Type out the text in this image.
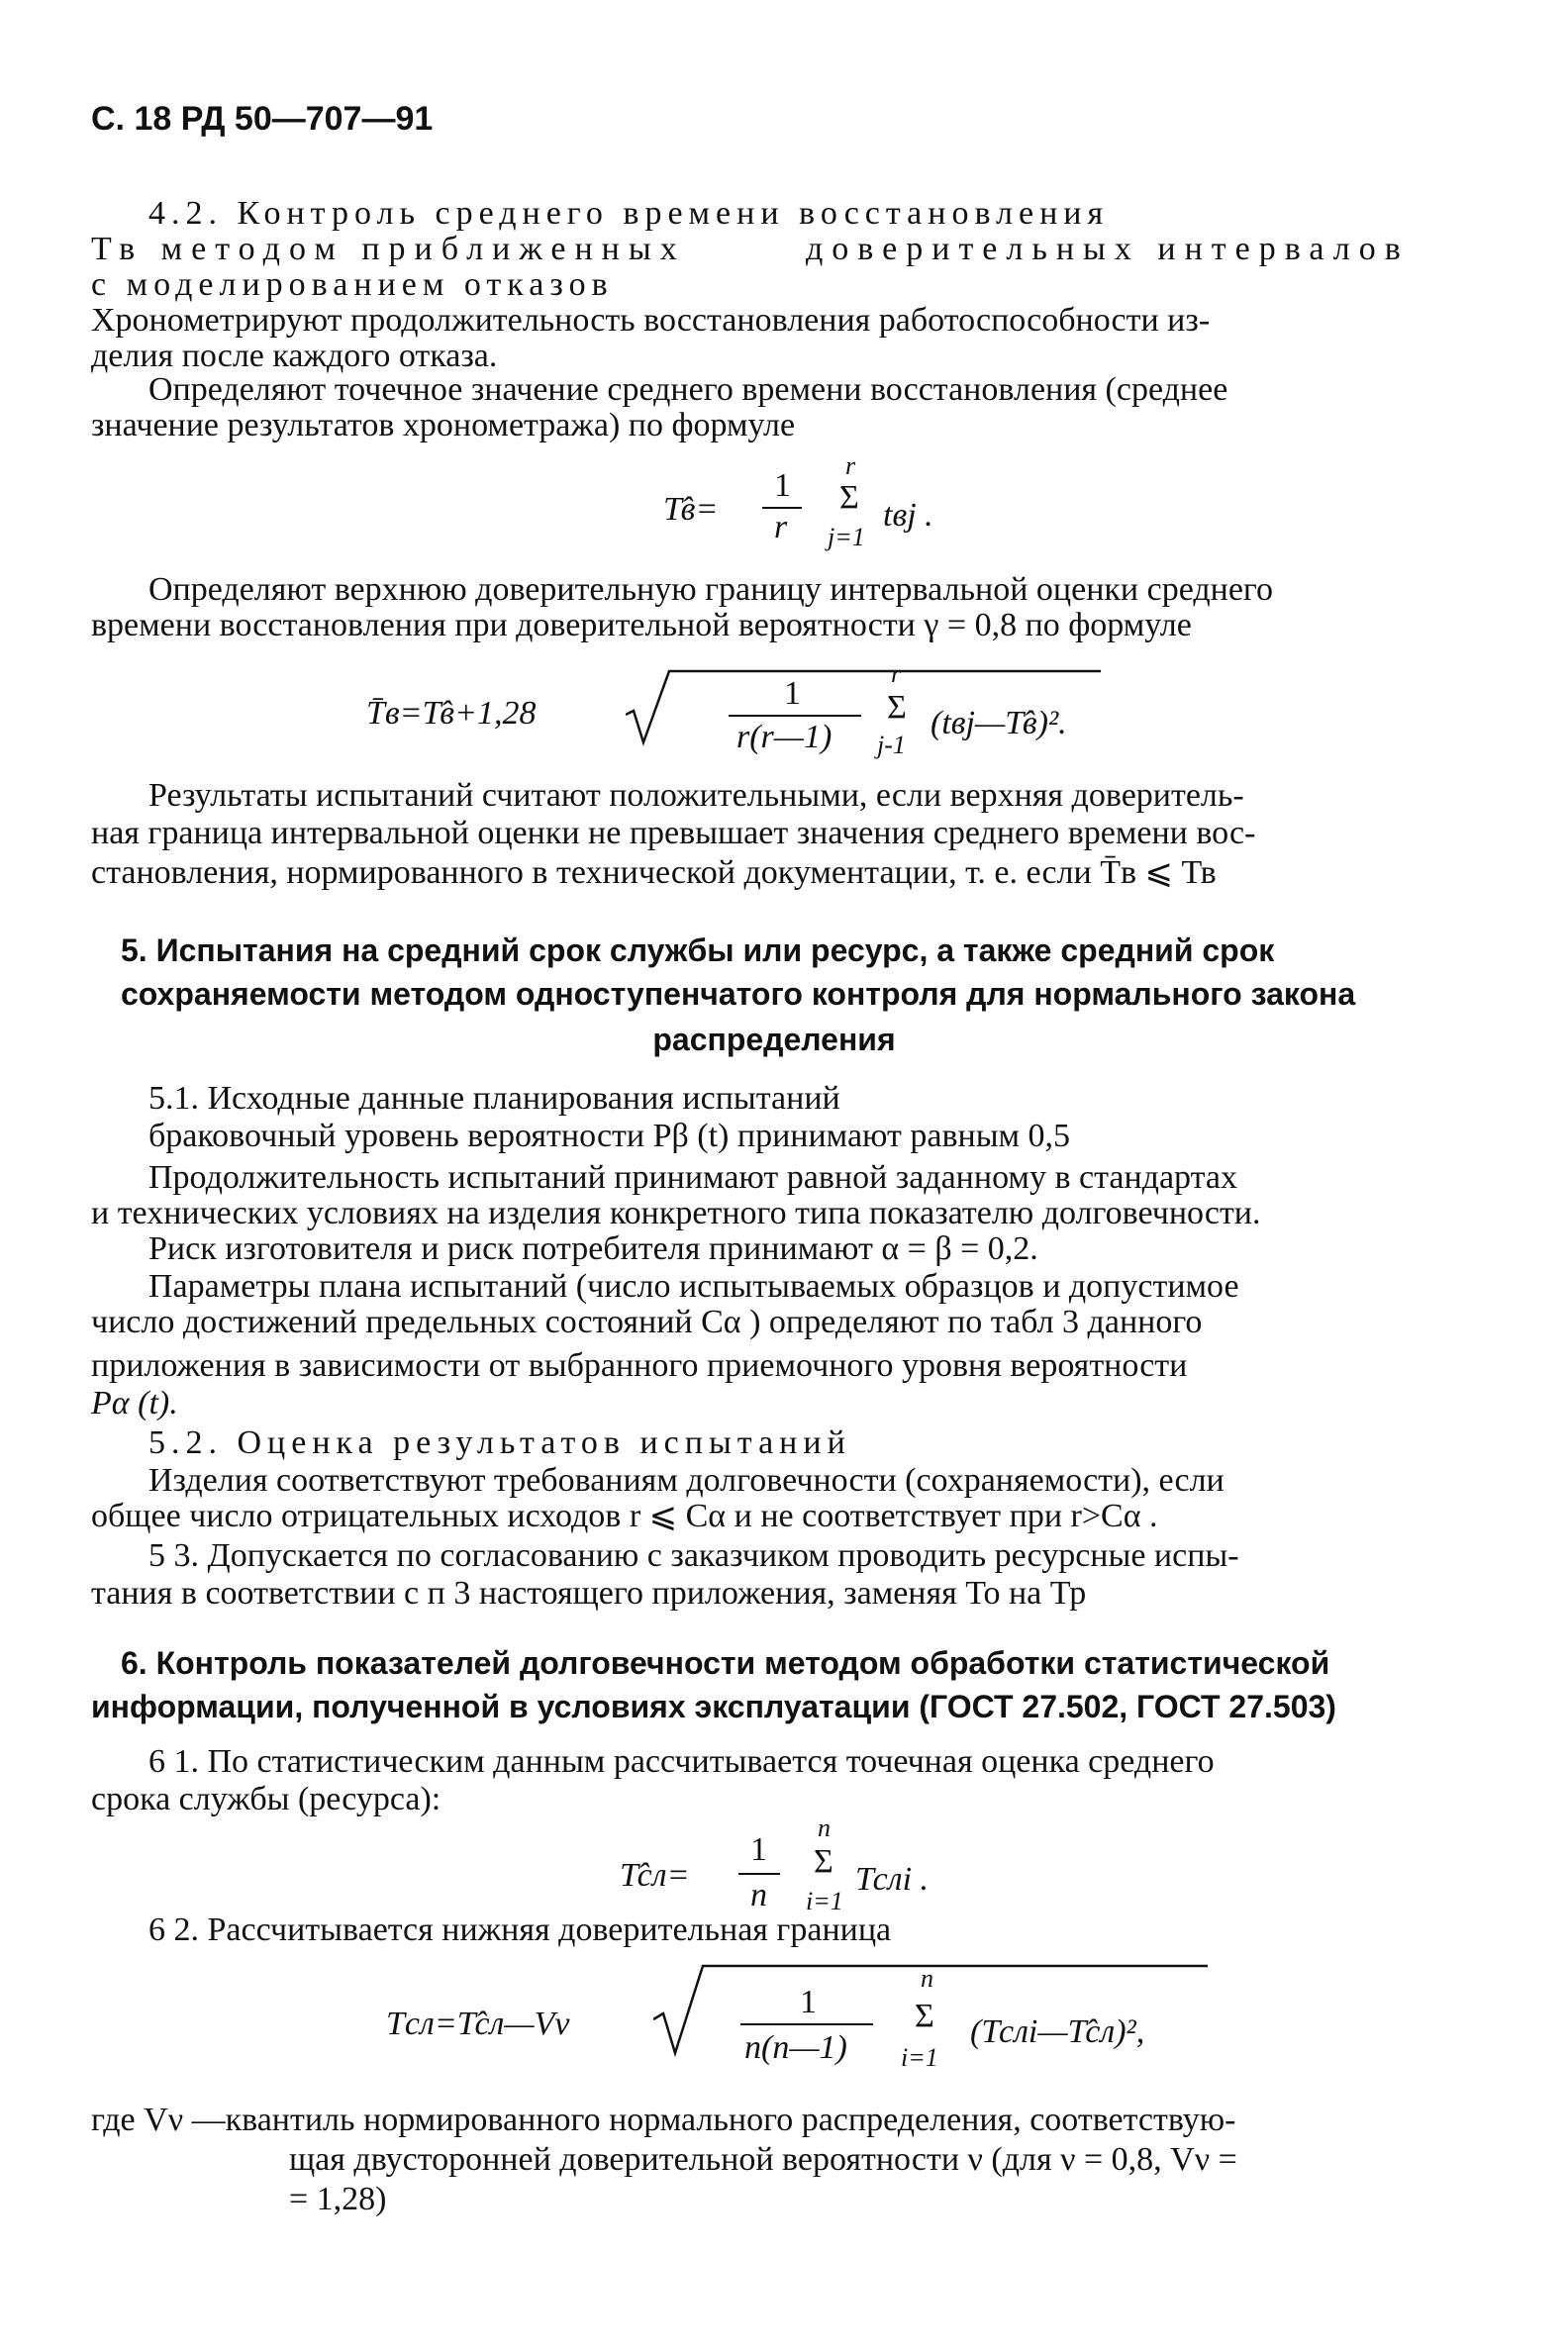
С. 18 РД 50—707—91
4.2. Контроль среднего времени восстановления
Тв методом приближенных	доверительных интервалов
с моделированием отказов
Хронометрируют продолжительность восстановления работоспособности из-
делия после каждого отказа.
Определяют точечное значение среднего времени восстановления (среднее
значение результатов хронометража) по формуле
Т̂в=
1
r
r
Σ
j=1
tвj .
Определяют верхнюю доверительную границу интервальной оценки среднего
времени восстановления при доверительной вероятности γ = 0,8 по формуле
T̄в=Т̂в+1,28
1
r(r—1)
r
Σ
j-1
(tвj—Т̂в)².
Результаты испытаний считают положительными, если верхняя доверитель-
ная граница интервальной оценки не превышает значения среднего времени вос-
становления, нормированного в технической документации, т. е. если T̄в ⩽ Тв
5. Испытания на средний срок службы или ресурс, а также средний срок
сохраняемости методом одноступенчатого контроля для нормального закона
распределения
5.1. Исходные данные планирования испытаний
браковочный уровень вероятности Pβ (t) принимают равным 0,5
Продолжительность испытаний принимают равной заданному в стандартах
и технических условиях на изделия конкретного типа показателю долговечности.
Риск изготовителя и риск потребителя принимают α = β = 0,2.
Параметры плана испытаний (число испытываемых образцов и допустимое
число достижений предельных состояний Cα ) определяют по табл 3 данного
приложения в зависимости от выбранного приемочного уровня вероятности
Pα (t).
5.2. Оценка результатов испытаний
Изделия соответствуют требованиям долговечности (сохраняемости), если
общее число отрицательных исходов r ⩽ Cα и не соответствует при r>Cα .
5 3. Допускается по согласованию с заказчиком проводить ресурсные испы-
тания в соответствии с п 3 настоящего приложения, заменяя То на Тр
6. Контроль показателей долговечности методом обработки статистической
информации, полученной в условиях эксплуатации (ГОСТ 27.502, ГОСТ 27.503)
6 1. По статистическим данным рассчитывается точечная оценка среднего
срока службы (ресурса):
Т̂сл=
1
n
n
Σ
i=1
Тслi .
6 2. Рассчитывается нижняя доверительная граница
Tсл=Т̂сл—Vν
1
n(n—1)
n
Σ
i=1
(Тслi—Т̂сл)²,
где Vν —квантиль нормированного нормального распределения, соответствую-
щая двусторонней доверительной вероятности ν (для ν = 0,8, Vν =
= 1,28)
